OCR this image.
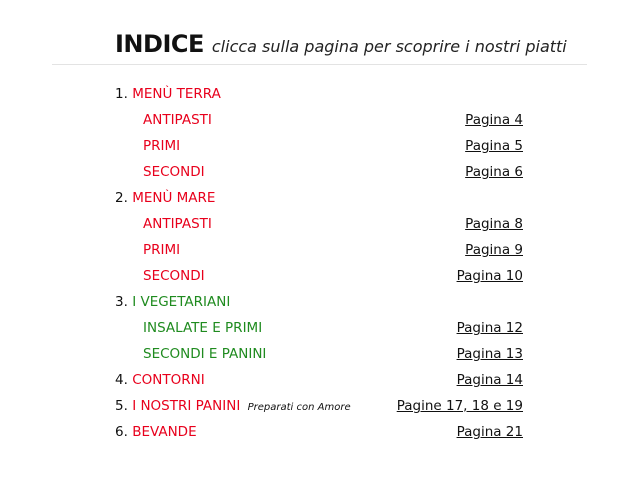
INDICE clicca sulla pagina per scoprire i nostri piatti
1. MENÙ TERRA
ANTIPASTI	Pagina 4
PRIMI	Pagina 5
SECONDI	Pagina 6
2. MENÙ MARE
ANTIPASTI	Pagina 8
PRIMI	Pagina 9
SECONDI	Pagina 10
3. I VEGETARIANI
INSALATE E PRIMI	Pagina 12
SECONDI E PANINI	Pagina 13
4. CONTORNI	Pagina 14
5. I NOSTRI PANINI Preparati con Amore	Pagine 17, 18 e 19
6. BEVANDE	Pagina 21
